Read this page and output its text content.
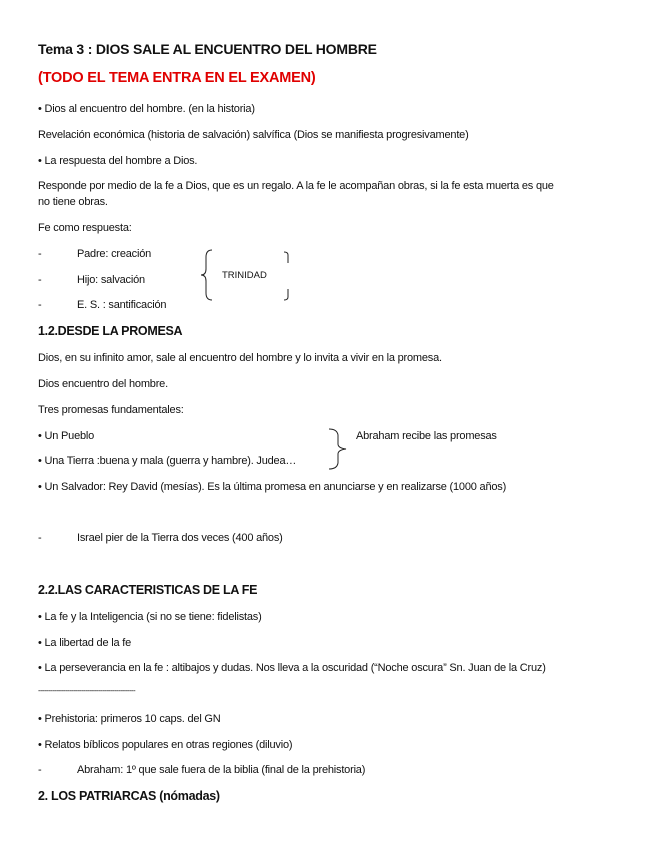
Tema 3 : DIOS SALE AL ENCUENTRO DEL HOMBRE
(TODO EL TEMA ENTRA EN EL EXAMEN)
• Dios al encuentro del hombre. (en la historia)
Revelación económica (historia de salvación) salvífica (Dios se manifiesta progresivamente)
• La respuesta del hombre a Dios.
Responde por medio de la fe a Dios, que es un regalo. A la fe le acompañan obras, si la fe esta muerta es que
no tiene obras.
Fe como respuesta:
-	Padre: creación
-	Hijo: salvación
-	E. S. : santificación
TRINIDAD
1.2.DESDE LA PROMESA
Dios, en su infinito amor, sale al encuentro del hombre y lo invita a vivir en la promesa.
Dios encuentro del hombre.
Tres promesas fundamentales:
• Un Pueblo
• Una Tierra :buena y mala (guerra y hambre). Judea…
Abraham recibe las promesas
• Un Salvador: Rey David (mesías). Es la última promesa en anunciarse y en realizarse (1000 años)
-	Israel pier de la Tierra dos veces (400 años)
2.2.LAS CARACTERISTICAS DE LA FE
• La fe y la Inteligencia (si no se tiene: fidelistas)
• La libertad de la fe
• La perseverancia en la fe : altibajos y dudas. Nos lleva a la oscuridad (“Noche oscura” Sn. Juan de la Cruz)
-----------------------------------------------
• Prehistoria: primeros 10 caps. del GN
• Relatos bíblicos populares en otras regiones (diluvio)
-	Abraham: 1º que sale fuera de la biblia (final de la prehistoria)
2. LOS PATRIARCAS (nómadas)
